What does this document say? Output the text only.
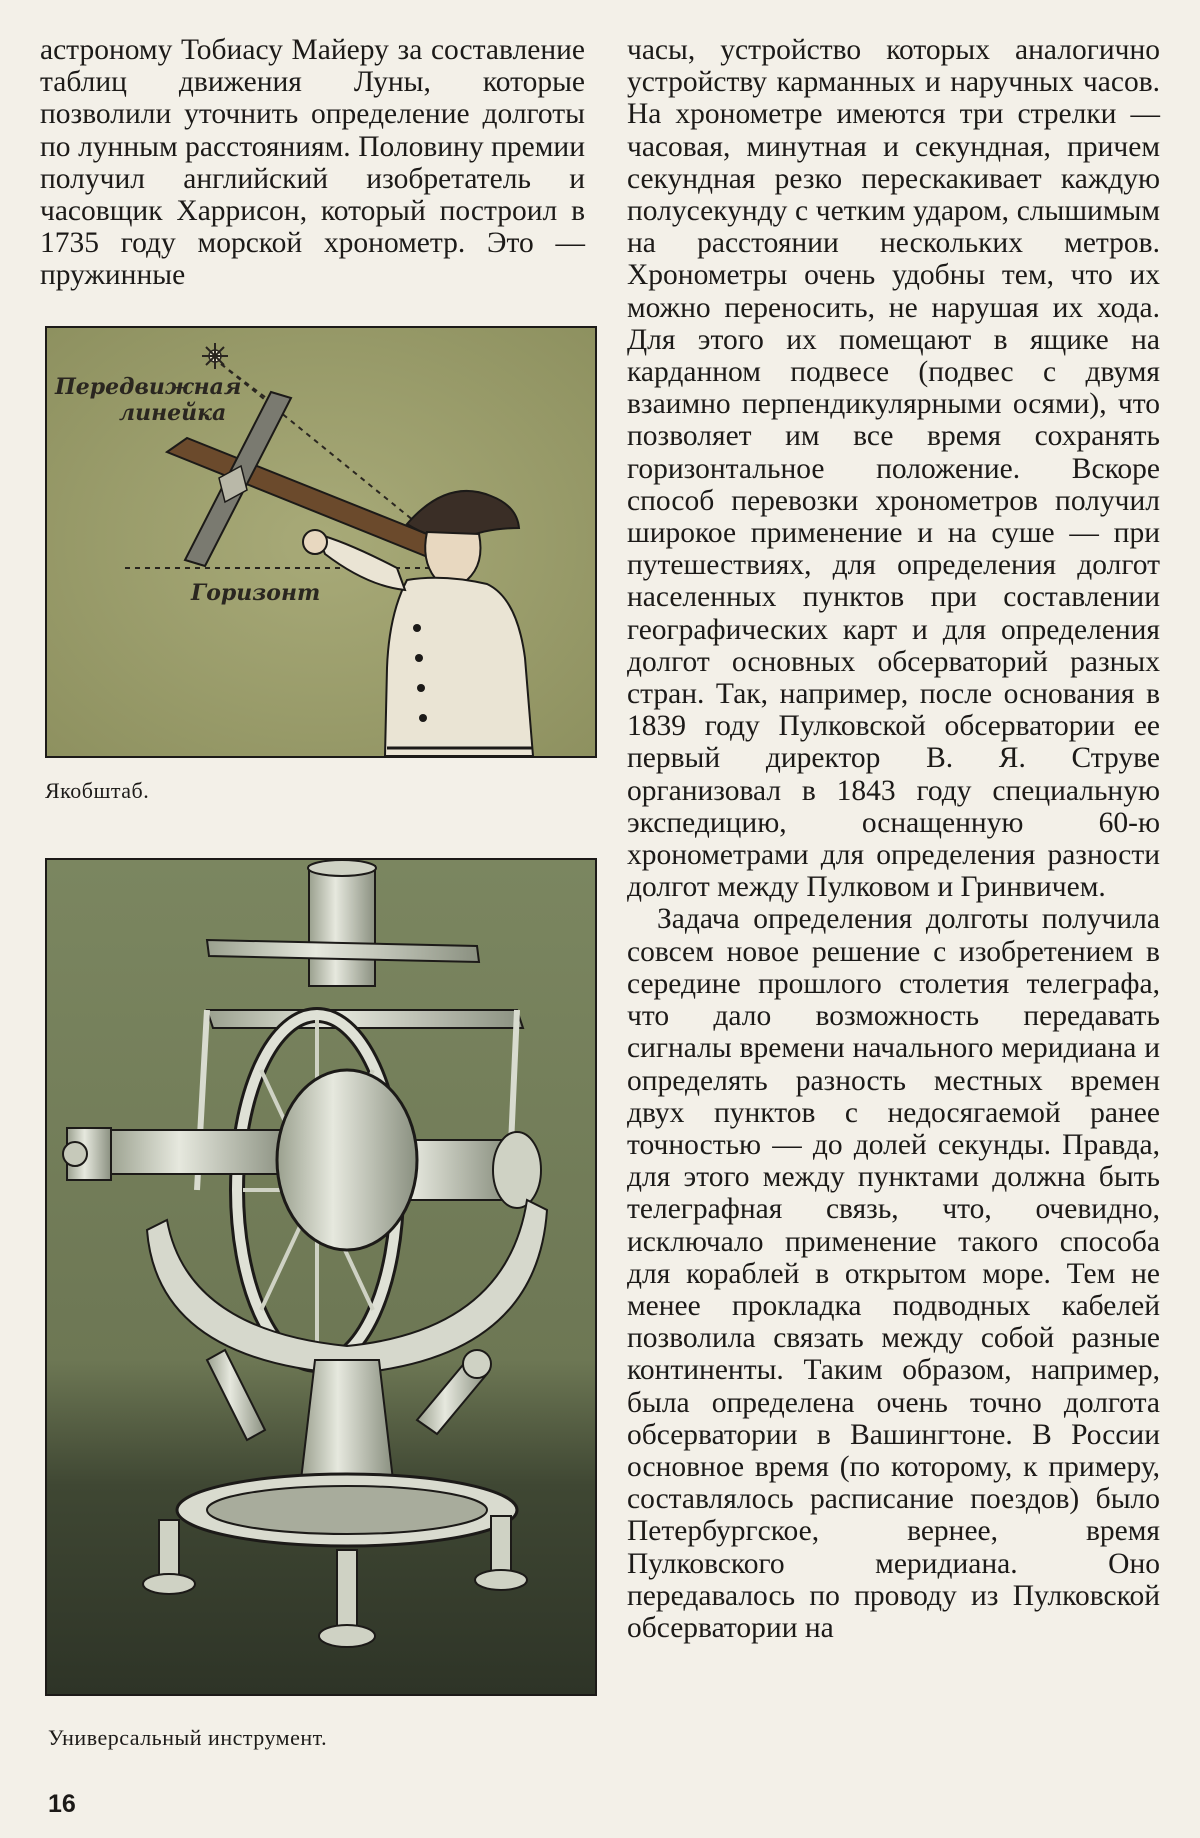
астроному Тобиасу Майеру за составление таблиц движения Луны, которые позволили уточнить определение долготы по лунным расстояниям. Половину премии получил английский изобретатель и часовщик Харрисон, который построил в 1735 году морской хронометр. Это — пружинные

Передвижная
линейка
Горизонт
Якобштаб.
Универсальный инструмент.

часы, устройство которых аналогично устройству карманных и наручных часов. На хронометре имеются три стрелки — часовая, минутная и секундная, причем секундная резко перескакивает каждую полусекунду с четким ударом, слышимым на расстоянии нескольких метров. Хронометры очень удобны тем, что их можно переносить, не нарушая их хода. Для этого их помещают в ящике на карданном подвесе (подвес с двумя взаимно перпендикулярными осями), что позволяет им все время сохранять горизонтальное положение. Вскоре способ перевозки хронометров получил широкое применение и на суше — при путешествиях, для определения долгот населенных пунктов при составлении географических карт и для определения долгот основных обсерваторий разных стран. Так, например, после основания в 1839 году Пулковской обсерватории ее первый директор В. Я. Струве организовал в 1843 году специальную экспедицию, оснащенную 60-ю хронометрами для определения разности долгот между Пулковом и Гринвичем.

Задача определения долготы получила совсем новое решение с изобретением в середине прошлого столетия телеграфа, что дало возможность передавать сигналы времени начального меридиана и определять разность местных времен двух пунктов с недосягаемой ранее точностью — до долей секунды. Правда, для этого между пунктами должна быть телеграфная связь, что, очевидно, исключало применение такого способа для кораблей в открытом море. Тем не менее прокладка подводных кабелей позволила связать между собой разные континенты. Таким образом, например, была определена очень точно долгота обсерватории в Вашингтоне. В России основное время (по которому, к примеру, составлялось расписание поездов) было Петербургское, вернее, время Пулковского меридиана. Оно передавалось по проводу из Пулковской обсерватории на

16
